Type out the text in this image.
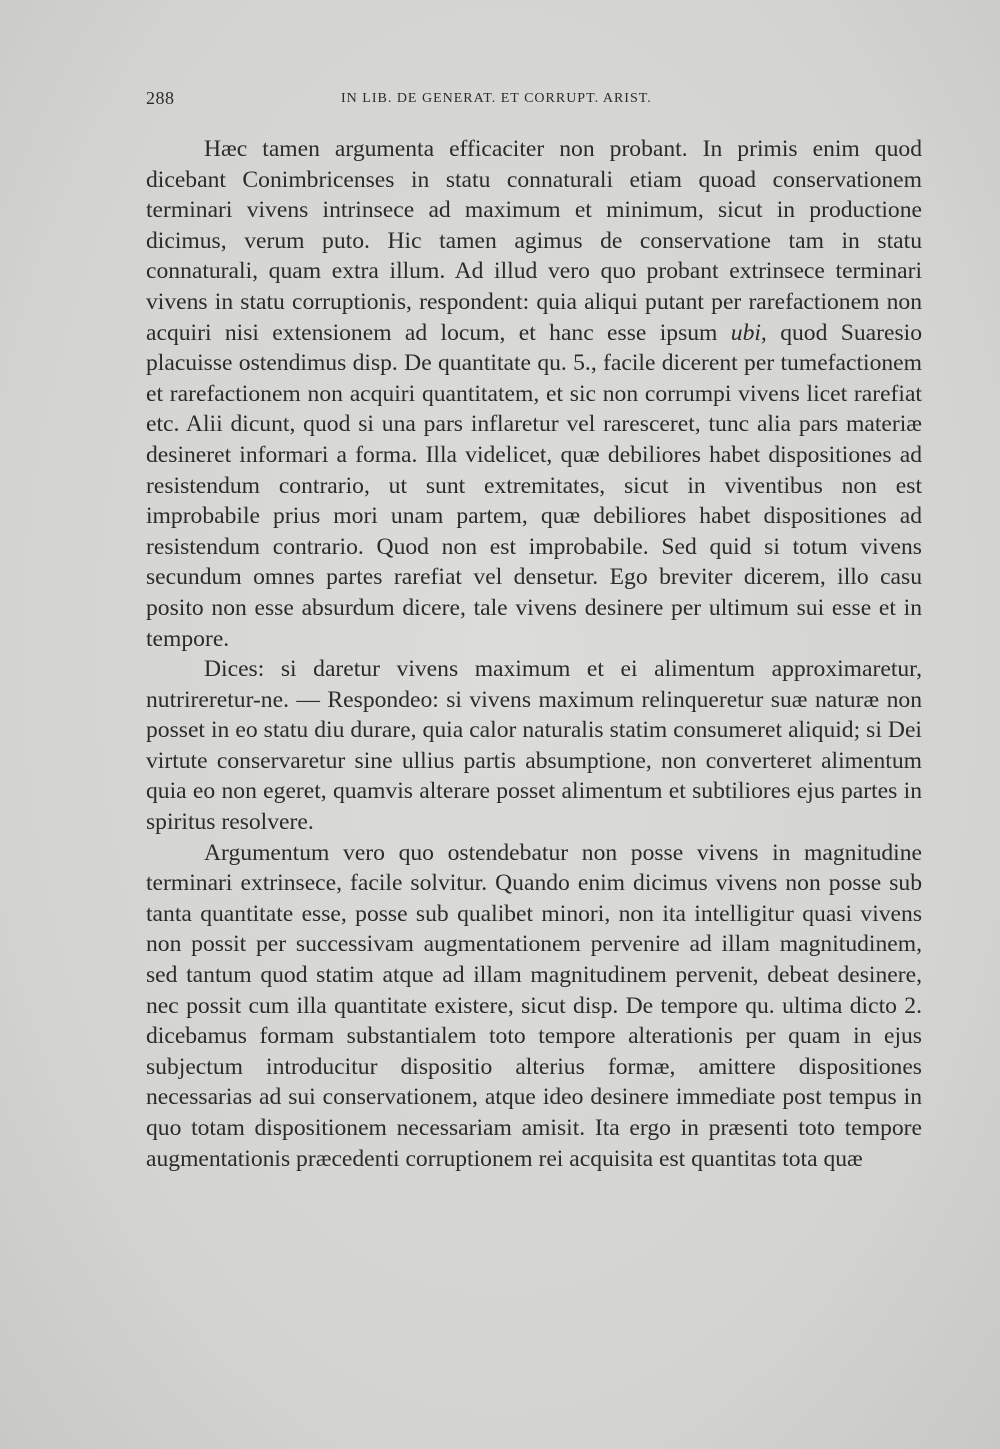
288	IN LIB. DE GENERAT. ET CORRUPT. ARIST.

Hæc tamen argumenta efficaciter non probant. In primis enim quod dicebant Conimbricenses in statu connaturali etiam quoad conservationem terminari vivens intrinsece ad maximum et minimum, sicut in productione dicimus, verum puto. Hic tamen agimus de conservatione tam in statu connaturali, quam extra illum. Ad illud vero quo probant extrinsece terminari vivens in statu corruptionis, respondent: quia aliqui putant per rarefactionem non acquiri nisi extensionem ad locum, et hanc esse ipsum ubi, quod Suaresio placuisse ostendimus disp. De quantitate qu. 5., facile dicerent per tumefactionem et rarefactionem non acquiri quantitatem, et sic non corrumpi vivens licet rarefiat etc. Alii dicunt, quod si una pars inflaretur vel raresceret, tunc alia pars materiæ desineret informari a forma. Illa videlicet, quæ debiliores habet dispositiones ad resistendum contrario, ut sunt extremitates, sicut in viventibus non est improbabile prius mori unam partem, quæ debiliores habet dispositiones ad resistendum contrario. Quod non est improbabile. Sed quid si totum vivens secundum omnes partes rarefiat vel densetur. Ego breviter dicerem, illo casu posito non esse absurdum dicere, tale vivens desinere per ultimum sui esse et in tempore.

Dices: si daretur vivens maximum et ei alimentum approximaretur, nutrireretur-ne. — Respondeo: si vivens maximum relinqueretur suæ naturæ non posset in eo statu diu durare, quia calor naturalis statim consumeret aliquid; si Dei virtute conservaretur sine ullius partis absumptione, non converteret alimentum quia eo non egeret, quamvis alterare posset alimentum et subtiliores ejus partes in spiritus resolvere.

Argumentum vero quo ostendebatur non posse vivens in magnitudine terminari extrinsece, facile solvitur. Quando enim dicimus vivens non posse sub tanta quantitate esse, posse sub qualibet minori, non ita intelligitur quasi vivens non possit per successivam augmentationem pervenire ad illam magnitudinem, sed tantum quod statim atque ad illam magnitudinem pervenit, debeat desinere, nec possit cum illa quantitate existere, sicut disp. De tempore qu. ultima dicto 2. dicebamus formam substantialem toto tempore alterationis per quam in ejus subjectum introducitur dispositio alterius formæ, amittere dispositiones necessarias ad sui conservationem, atque ideo desinere immediate post tempus in quo totam dispositionem necessariam amisit. Ita ergo in præsenti toto tempore augmentationis præcedenti corruptionem rei acquisita est quantitas tota quæ
